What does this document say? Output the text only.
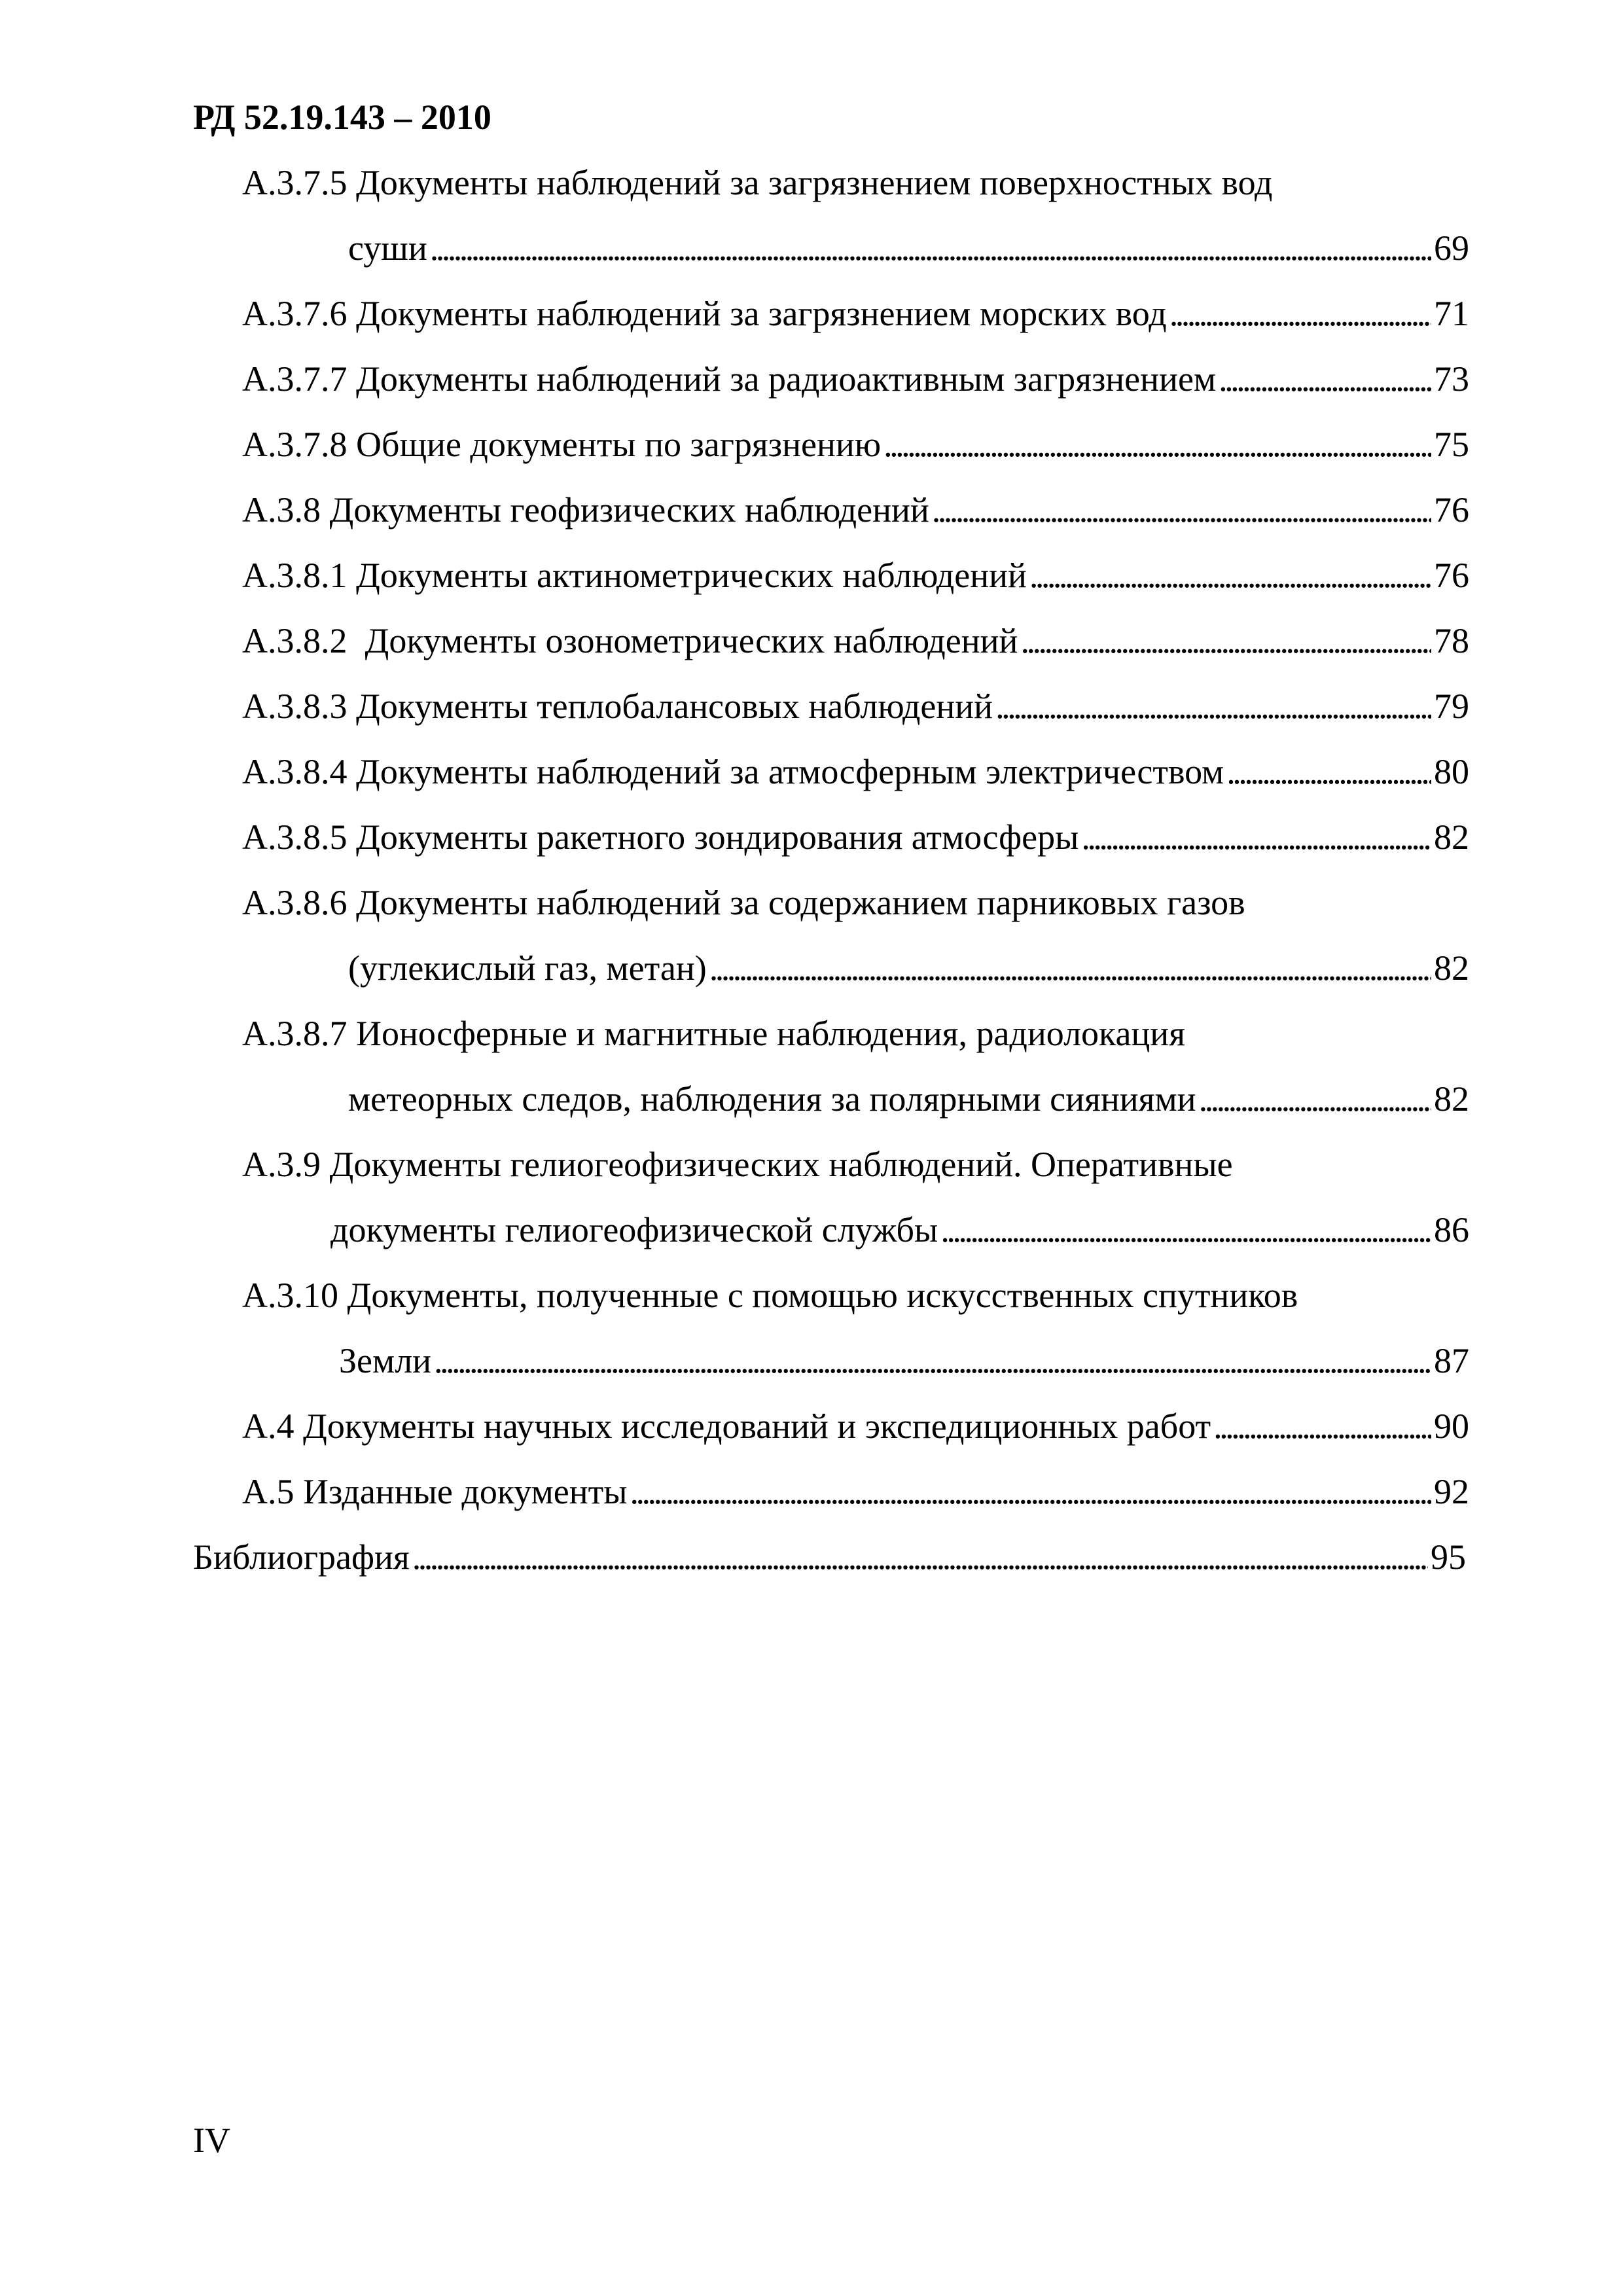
РД 52.19.143 – 2010
А.3.7.5 Документы наблюдений за загрязнением поверхностных вод
суши . . .	69
А.3.7.6 Документы наблюдений за загрязнением морских вод . . .	71
А.3.7.7 Документы наблюдений за радиоактивным загрязнением . . .	73
А.3.7.8 Общие документы по загрязнению . . .	75
А.3.8 Документы геофизических наблюдений . . .	76
А.3.8.1 Документы актинометрических наблюдений . . .	76
А.3.8.2  Документы озонометрических наблюдений . . .	78
А.3.8.3 Документы теплобалансовых наблюдений . . .	79
А.3.8.4 Документы наблюдений за атмосферным электричеством . . .	80
А.3.8.5 Документы ракетного зондирования атмосферы . . .	82
А.3.8.6 Документы наблюдений за содержанием парниковых газов
(углекислый газ, метан) . . .	82
А.3.8.7 Ионосферные и магнитные наблюдения, радиолокация
метеорных следов, наблюдения за полярными сияниями . . .	82
А.3.9 Документы гелиогеофизических наблюдений. Оперативные
документы гелиогеофизической службы . . .	86
А.3.10 Документы, полученные с помощью искусственных спутников
Земли . . .	87
А.4 Документы научных исследований и экспедиционных работ . . .	90
А.5 Изданные документы . . .	92
Библиография . . .	95
IV
